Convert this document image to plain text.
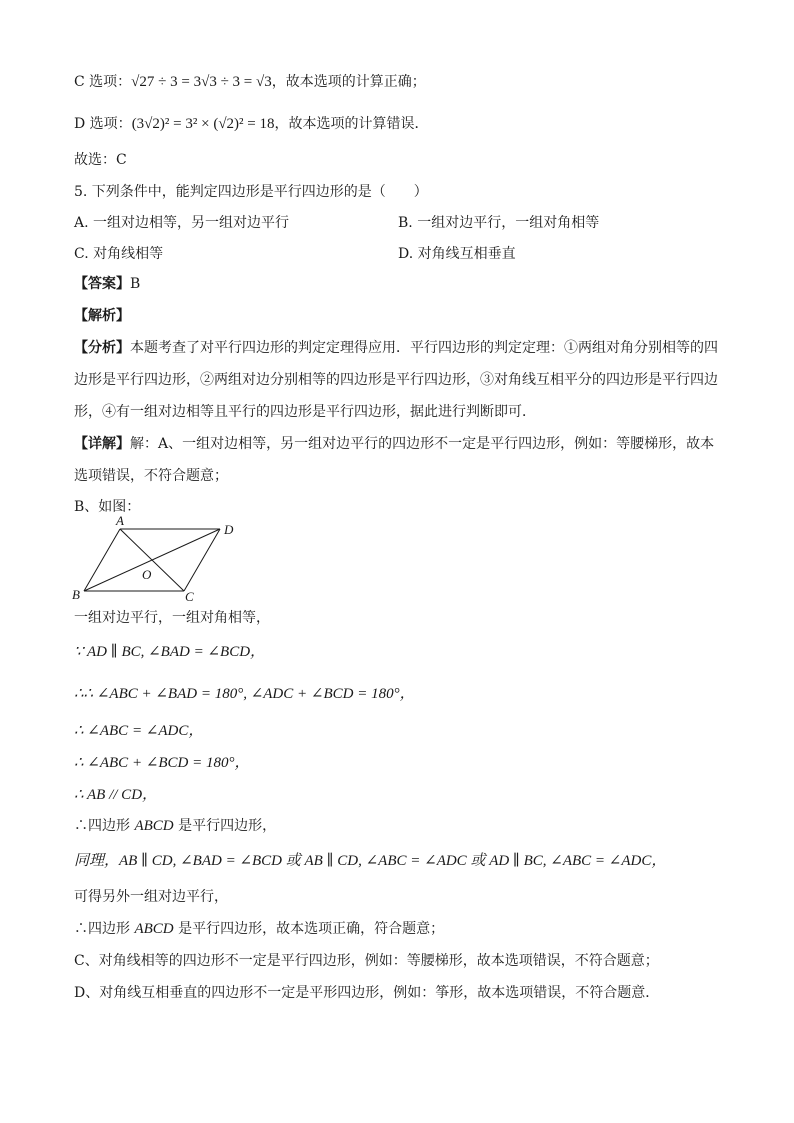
C 选项：√27 ÷ 3 = 3√3 ÷ 3 = √3，故本选项的计算正确；
D 选项：(3√2)² = 3² × (√2)² = 18，故本选项的计算错误．
故选：C
5. 下列条件中，能判定四边形是平行四边形的是（　　）
A. 一组对边相等，另一组对边平行	B. 一组对边平行，一组对角相等
C. 对角线相等	D. 对角线互相垂直
【答案】B
【解析】
【分析】本题考查了对平行四边形的判定定理得应用．平行四边形的判定定理：①两组对角分别相等的四
边形是平行四边形，②两组对边分别相等的四边形是平行四边形，③对角线互相平分的四边形是平行四边
形，④有一组对边相等且平行的四边形是平行四边形，据此进行判断即可．
【详解】解：A、一组对边相等，另一组对边平行的四边形不一定是平行四边形，例如：等腰梯形，故本
选项错误，不符合题意；
B、如图：
A
D
B	C
O
一组对边平行，一组对角相等，
∵ AD ∥ BC, ∠BAD = ∠BCD，
∴∴ ∠ABC + ∠BAD = 180°, ∠ADC + ∠BCD = 180°，
∴ ∠ABC = ∠ADC，
∴ ∠ABC + ∠BCD = 180°，
∴ AB // CD，
∴四边形 ABCD 是平行四边形，
同理，AB ∥ CD, ∠BAD = ∠BCD 或 AB ∥ CD, ∠ABC = ∠ADC 或 AD ∥ BC, ∠ABC = ∠ADC，
可得另外一组对边平行，
∴四边形 ABCD 是平行四边形，故本选项正确，符合题意；
C、对角线相等的四边形不一定是平行四边形，例如：等腰梯形，故本选项错误，不符合题意；
D、对角线互相垂直的四边形不一定是平形四边形，例如：筝形，故本选项错误，不符合题意．
